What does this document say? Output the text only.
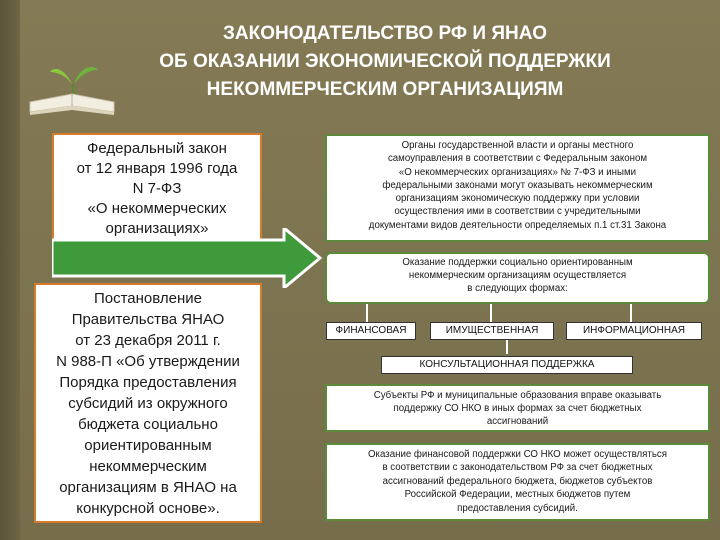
ЗАКОНОДАТЕЛЬСТВО РФ И ЯНАО
ОБ ОКАЗАНИИ ЭКОНОМИЧЕСКОЙ ПОДДЕРЖКИ
НЕКОММЕРЧЕСКИМ ОРГАНИЗАЦИЯМ
Федеральный закон
от 12 января 1996 года
N 7-ФЗ
«О некоммерческих
организациях»
Постановление
Правительства ЯНАО
от 23 декабря 2011 г.
N 988-П «Об утверждении
Порядка предоставления
субсидий из окружного
бюджета социально
ориентированным
некоммерческим
организациям в ЯНАО на
конкурсной основе».
Органы государственной власти и органы местного
самоуправления в соответствии с Федеральным законом
«О некоммерческих организациях» № 7-ФЗ и иными
федеральными законами могут оказывать некоммерческим
организациям экономическую поддержку при условии
осуществления ими в соответствии с учредительными
документами видов деятельности определяемых п.1 ст.31 Закона
Оказание поддержки социально ориентированным
некоммерческим организациям осуществляется
в следующих формах:
ФИНАНСОВАЯ	ИМУЩЕСТВЕННАЯ	ИНФОРМАЦИОННАЯ
КОНСУЛЬТАЦИОННАЯ ПОДДЕРЖКА
Субъекты РФ и муниципальные образования вправе оказывать
поддержку СО НКО в иных формах за счет бюджетных
ассигнований
Оказание финансовой поддержки СО НКО может осуществляться
в соответствии с законодательством РФ за счет бюджетных
ассигнований федерального бюджета, бюджетов субъектов
Российской Федерации, местных бюджетов путем
предоставления субсидий.
